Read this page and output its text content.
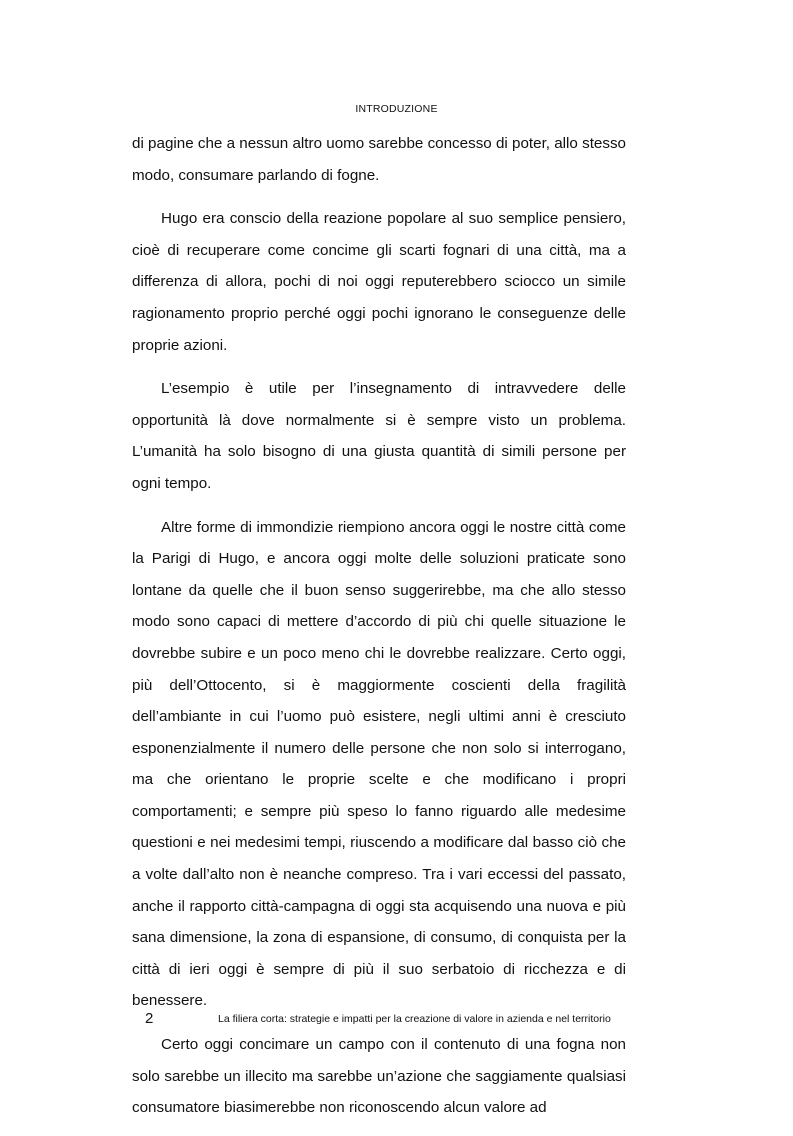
INTRODUZIONE

di pagine che a nessun altro uomo sarebbe concesso di poter, allo stesso modo, consumare parlando di fogne.

Hugo era conscio della reazione popolare al suo semplice pensiero, cioè di recuperare come concime gli scarti fognari di una città, ma a differenza di allora, pochi di noi oggi reputerebbero sciocco un simile ragionamento proprio perché oggi pochi ignorano le conseguenze delle proprie azioni.

L’esempio è utile per l’insegnamento di intravvedere delle opportunità là dove normalmente si è sempre visto un problema. L’umanità ha solo bisogno di una giusta quantità di simili persone per ogni tempo.

Altre forme di immondizie riempiono ancora oggi le nostre città come la Parigi di Hugo, e ancora oggi molte delle soluzioni praticate sono lontane da quelle che il buon senso suggerirebbe, ma che allo stesso modo sono capaci di mettere d’accordo di più chi quelle situazione le dovrebbe subire e un poco meno chi le dovrebbe realizzare. Certo oggi, più dell’Ottocento, si è maggiormente coscienti della fragilità dell’ambiante in cui l’uomo può esistere, negli ultimi anni è cresciuto esponenzialmente il numero delle persone che non solo si interrogano, ma che orientano le proprie scelte e che modificano i propri comportamenti; e sempre più speso lo fanno riguardo alle medesime questioni e nei medesimi tempi, riuscendo a modificare dal basso ciò che a volte dall’alto non è neanche compreso. Tra i vari eccessi del passato, anche il rapporto città-campagna di oggi sta acquisendo una nuova e più sana dimensione, la zona di espansione, di consumo, di conquista per la città di ieri oggi è sempre di più il suo serbatoio di ricchezza e di benessere.

Certo oggi concimare un campo con il contenuto di una fogna non solo sarebbe un illecito ma sarebbe un’azione che saggiamente qualsiasi consumatore biasimerebbe non riconoscendo alcun valore ad

2	La filiera corta: strategie e impatti per la creazione di valore in azienda e nel territorio
